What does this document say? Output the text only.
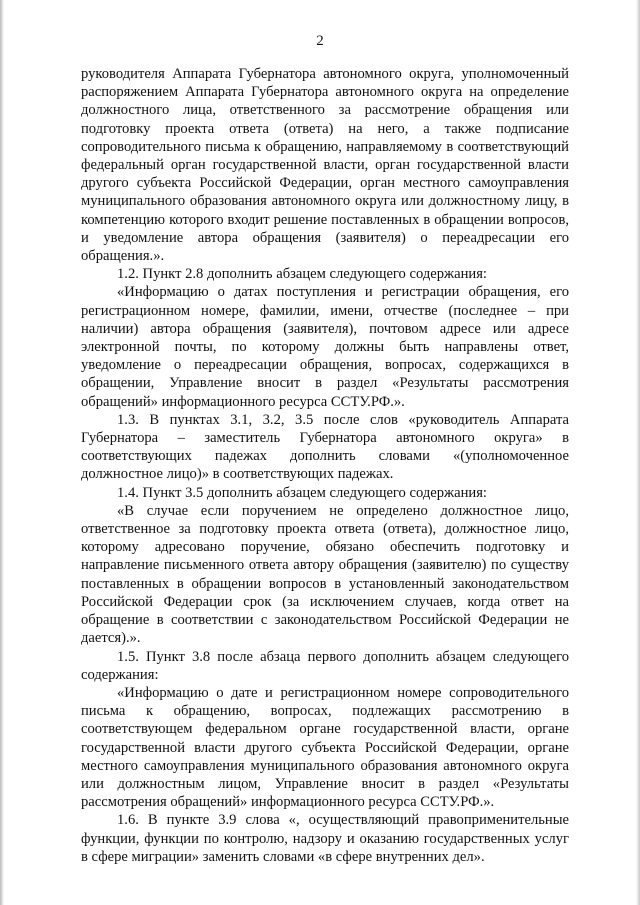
2

руководителя Аппарата Губернатора автономного округа, уполномоченный распоряжением Аппарата Губернатора автономного округа на определение должностного лица, ответственного за рассмотрение обращения или подготовку проекта ответа (ответа) на него, а также подписание сопроводительного письма к обращению, направляемому в соответствующий федеральный орган государственной власти, орган государственной власти другого субъекта Российской Федерации, орган местного самоуправления муниципального образования автономного округа или должностному лицу, в компетенцию которого входит решение поставленных в обращении вопросов, и уведомление автора обращения (заявителя) о переадресации его обращения.».

1.2. Пункт 2.8 дополнить абзацем следующего содержания:

«Информацию о датах поступления и регистрации обращения, его регистрационном номере, фамилии, имени, отчестве (последнее – при наличии) автора обращения (заявителя), почтовом адресе или адресе электронной почты, по которому должны быть направлены ответ, уведомление о переадресации обращения, вопросах, содержащихся в обращении, Управление вносит в раздел «Результаты рассмотрения обращений» информационного ресурса ССТУ.РФ.».

1.3. В пунктах 3.1, 3.2, 3.5 после слов «руководитель Аппарата Губернатора – заместитель Губернатора автономного округа» в соответствующих падежах дополнить словами «(уполномоченное должностное лицо)» в соответствующих падежах.

1.4. Пункт 3.5 дополнить абзацем следующего содержания:

«В случае если поручением не определено должностное лицо, ответственное за подготовку проекта ответа (ответа), должностное лицо, которому адресовано поручение, обязано обеспечить подготовку и направление письменного ответа автору обращения (заявителю) по существу поставленных в обращении вопросов в установленный законодательством Российской Федерации срок (за исключением случаев, когда ответ на обращение в соответствии с законодательством Российской Федерации не дается).».

1.5. Пункт 3.8 после абзаца первого дополнить абзацем следующего содержания:

«Информацию о дате и регистрационном номере сопроводительного письма к обращению, вопросах, подлежащих рассмотрению в соответствующем федеральном органе государственной власти, органе государственной власти другого субъекта Российской Федерации, органе местного самоуправления муниципального образования автономного округа или должностным лицом, Управление вносит в раздел «Результаты рассмотрения обращений» информационного ресурса ССТУ.РФ.».

1.6. В пункте 3.9 слова «, осуществляющий правоприменительные функции, функции по контролю, надзору и оказанию государственных услуг в сфере миграции» заменить словами «в сфере внутренних дел».
